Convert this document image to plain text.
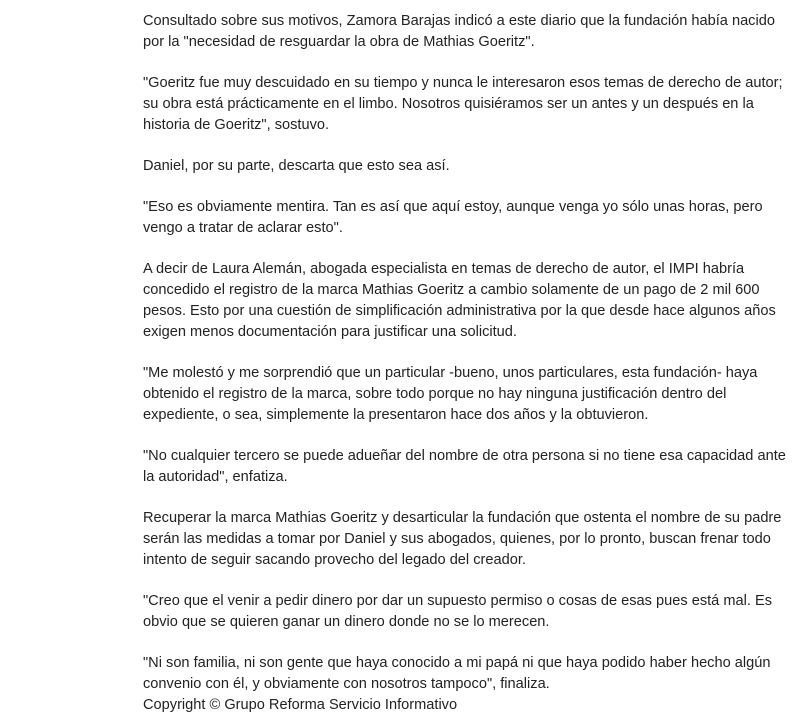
Consultado sobre sus motivos, Zamora Barajas indicó a este diario que la fundación había nacido por la "necesidad de resguardar la obra de Mathias Goeritz".

"Goeritz fue muy descuidado en su tiempo y nunca le interesaron esos temas de derecho de autor; su obra está prácticamente en el limbo. Nosotros quisiéramos ser un antes y un después en la historia de Goeritz", sostuvo.

Daniel, por su parte, descarta que esto sea así.

"Eso es obviamente mentira. Tan es así que aquí estoy, aunque venga yo sólo unas horas, pero vengo a tratar de aclarar esto".

A decir de Laura Alemán, abogada especialista en temas de derecho de autor, el IMPI habría concedido el registro de la marca Mathias Goeritz a cambio solamente de un pago de 2 mil 600 pesos. Esto por una cuestión de simplificación administrativa por la que desde hace algunos años exigen menos documentación para justificar una solicitud.

"Me molestó y me sorprendió que un particular -bueno, unos particulares, esta fundación- haya obtenido el registro de la marca, sobre todo porque no hay ninguna justificación dentro del expediente, o sea, simplemente la presentaron hace dos años y la obtuvieron.

"No cualquier tercero se puede adueñar del nombre de otra persona si no tiene esa capacidad ante la autoridad", enfatiza.

Recuperar la marca Mathias Goeritz y desarticular la fundación que ostenta el nombre de su padre serán las medidas a tomar por Daniel y sus abogados, quienes, por lo pronto, buscan frenar todo intento de seguir sacando provecho del legado del creador.

"Creo que el venir a pedir dinero por dar un supuesto permiso o cosas de esas pues está mal. Es obvio que se quieren ganar un dinero donde no se lo merecen.

"Ni son familia, ni son gente que haya conocido a mi papá ni que haya podido haber hecho algún convenio con él, y obviamente con nosotros tampoco", finaliza.

Copyright © Grupo Reforma Servicio Informativo
